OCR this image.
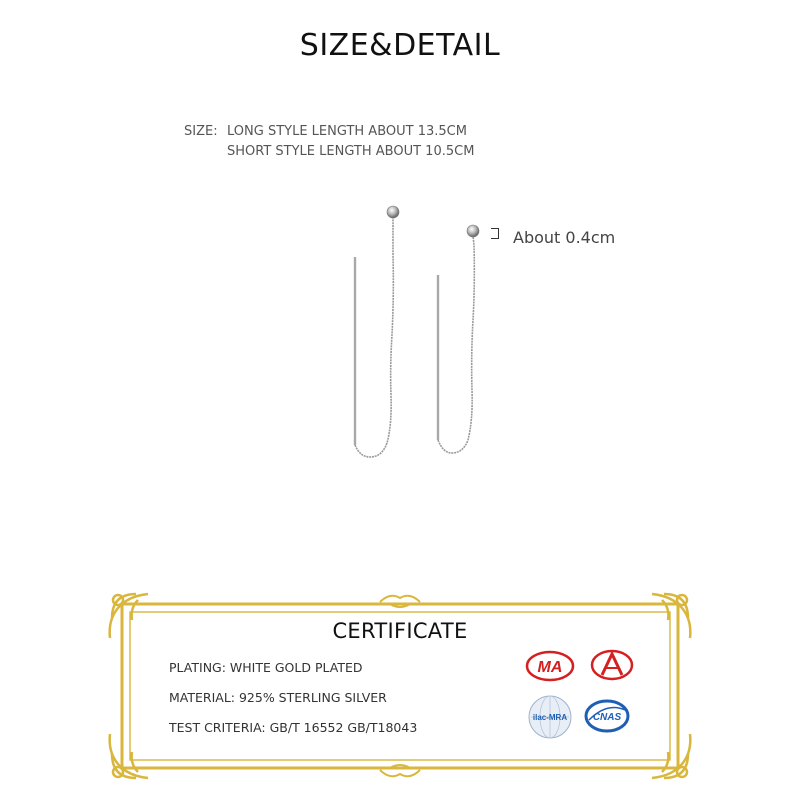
SIZE&DETAIL
SIZE: LONG STYLE LENGTH ABOUT 13.5CM
SHORT STYLE LENGTH ABOUT 10.5CM
About 0.4cm
CERTIFICATE
PLATING: WHITE GOLD PLATED
MATERIAL: 925% STERLING SILVER
TEST CRITERIA: GB/T 16552 GB/T18043
MA
ilac-MRA	CNAS
